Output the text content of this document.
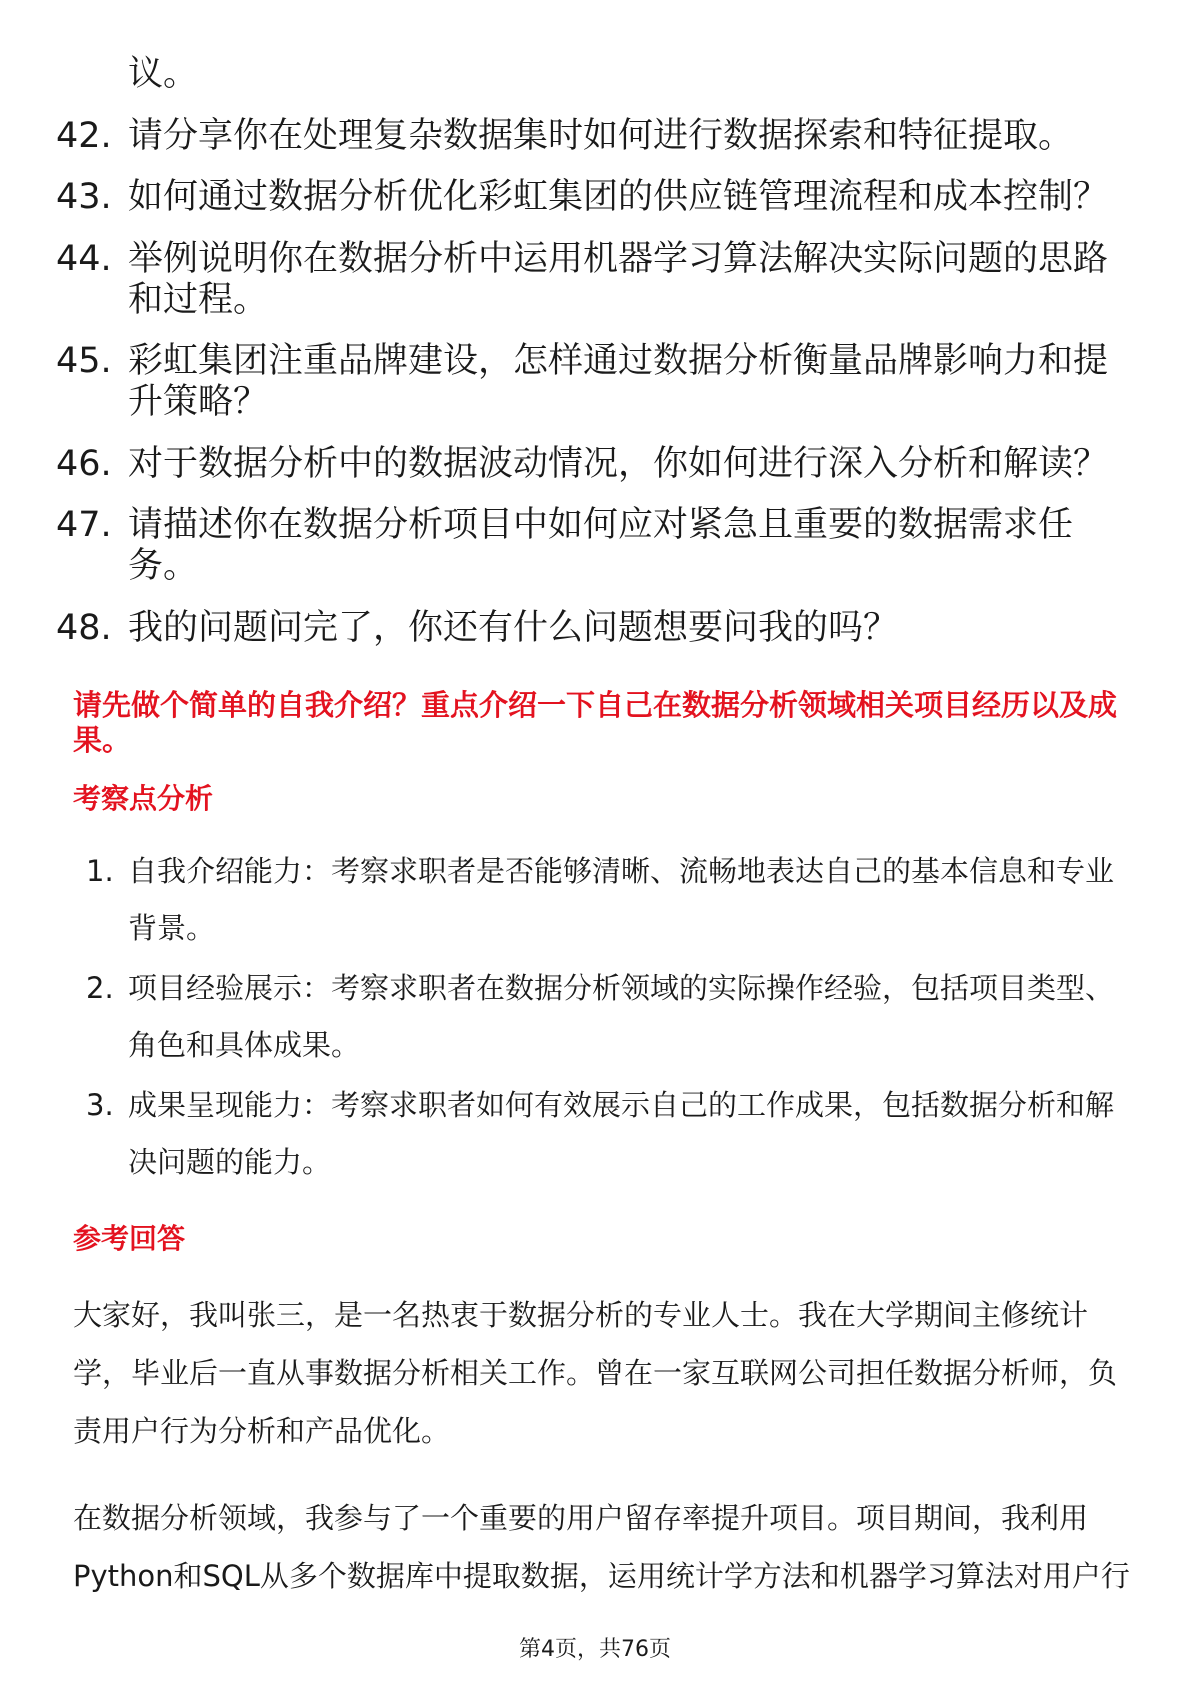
议。
42. 请分享你在处理复杂数据集时如何进行数据探索和特征提取。
43. 如何通过数据分析优化彩虹集团的供应链管理流程和成本控制？
44. 举例说明你在数据分析中运用机器学习算法解决实际问题的思路
和过程。
45. 彩虹集团注重品牌建设，怎样通过数据分析衡量品牌影响力和提
升策略？
46. 对于数据分析中的数据波动情况，你如何进行深入分析和解读？
47. 请描述你在数据分析项目中如何应对紧急且重要的数据需求任
务。
48. 我的问题问完了，你还有什么问题想要问我的吗？
请先做个简单的自我介绍？重点介绍一下自己在数据分析领域相关项目经历以及成
果。
考察点分析
1. 自我介绍能力：考察求职者是否能够清晰、流畅地表达自己的基本信息和专业
背景。
2. 项目经验展示：考察求职者在数据分析领域的实际操作经验，包括项目类型、
角色和具体成果。
3. 成果呈现能力：考察求职者如何有效展示自己的工作成果，包括数据分析和解
决问题的能力。
参考回答
大家好，我叫张三，是一名热衷于数据分析的专业人士。我在大学期间主修统计
学，毕业后一直从事数据分析相关工作。曾在一家互联网公司担任数据分析师，负
责用户行为分析和产品优化。
在数据分析领域，我参与了一个重要的用户留存率提升项目。项目期间，我利用
Python和SQL从多个数据库中提取数据，运用统计学方法和机器学习算法对用户行
第4页，共76页
